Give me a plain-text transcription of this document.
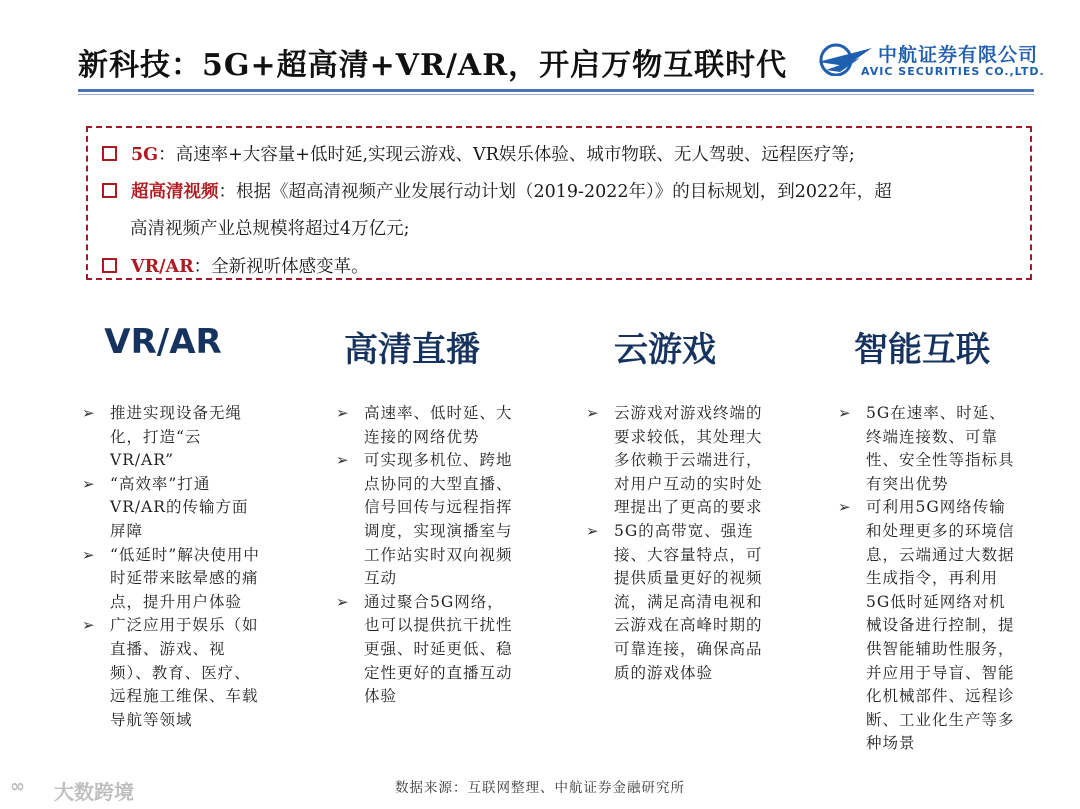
新科技：5G+超高清+VR/AR，开启万物互联时代	中航证券有限公司
AVIC SECURITIES CO.,LTD.
5G：高速率+大容量+低时延,实现云游戏、VR娱乐体验、城市物联、无人驾驶、远程医疗等;
超高清视频：根据《超高清视频产业发展行动计划（2019-2022年）》的目标规划，到2022年，超
高清视频产业总规模将超过4万亿元;
VR/AR：全新视听体感变革。
VR/AR	高清直播	云游戏	智能互联
➢ 推进实现设备无绳化，打造“云VR/AR”
➢ “高效率”打通VR/AR的传输方面屏障
➢ “低延时”解决使用中时延带来眩晕感的痛点，提升用户体验
➢ 广泛应用于娱乐（如直播、游戏、视频）、教育、医疗、远程施工维保、车载导航等领域
➢ 高速率、低时延、大连接的网络优势
➢ 可实现多机位、跨地点协同的大型直播、信号回传与远程指挥调度，实现演播室与工作站实时双向视频互动
➢ 通过聚合5G网络，也可以提供抗干扰性更强、时延更低、稳定性更好的直播互动体验
➢ 云游戏对游戏终端的要求较低，其处理大多依赖于云端进行，对用户互动的实时处理提出了更高的要求
➢ 5G的高带宽、强连接、大容量特点，可提供质量更好的视频流，满足高清电视和云游戏在高峰时期的可靠连接，确保高品质的游戏体验
➢ 5G在速率、时延、终端连接数、可靠性、安全性等指标具有突出优势
➢ 可利用5G网络传输和处理更多的环境信息，云端通过大数据生成指令，再利用5G低时延网络对机械设备进行控制，提供智能辅助性服务，并应用于导盲、智能化机械部件、远程诊断、工业化生产等多种场景
数据来源：互联网整理、中航证券金融研究所
∞ 大数跨境
